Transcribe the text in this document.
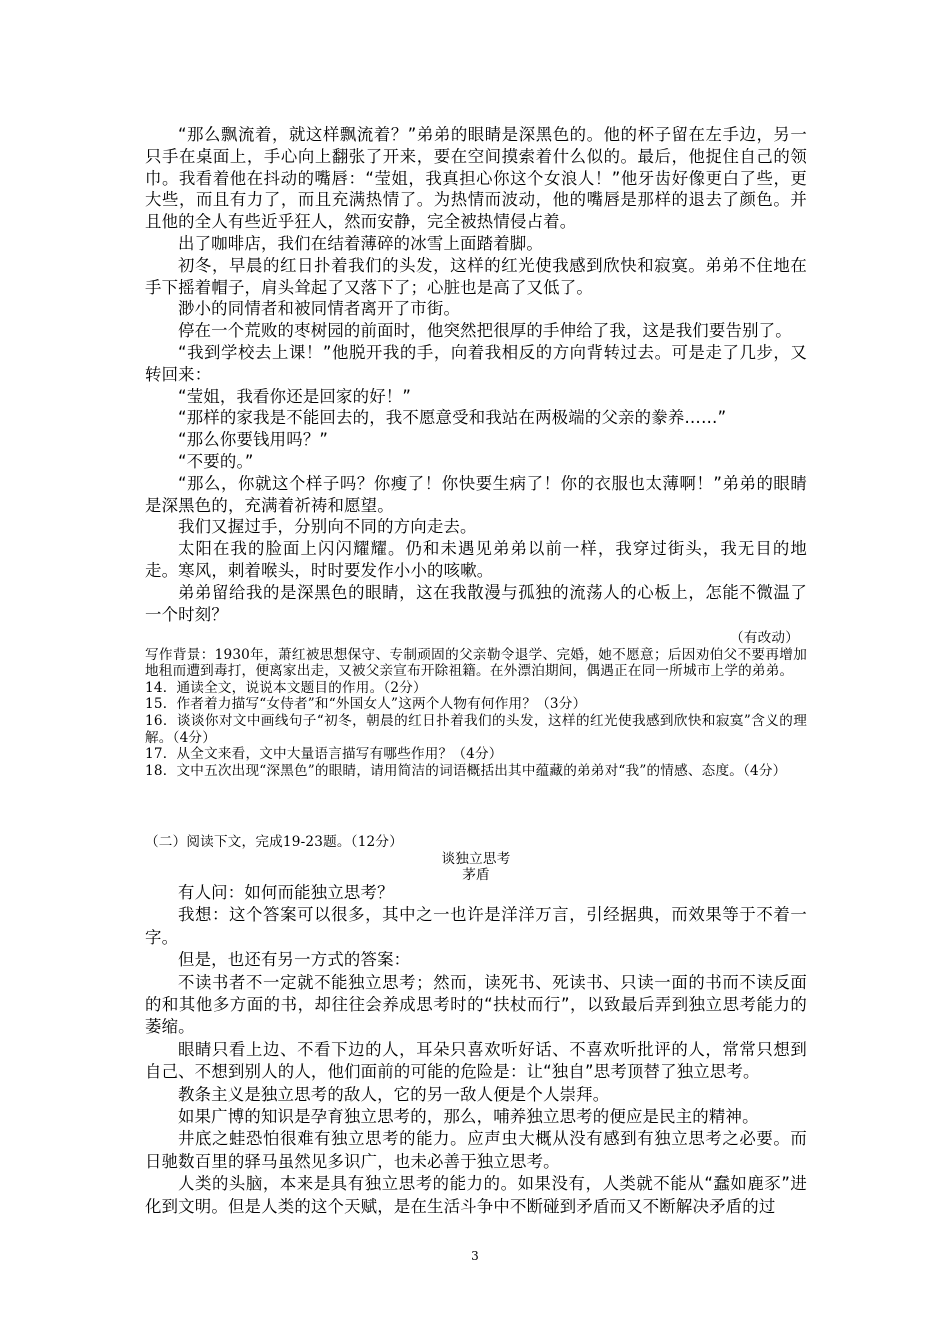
“那么飘流着，就这样飘流着？”弟弟的眼睛是深黑色的。他的杯子留在左手边，另一只手在桌面上，手心向上翻张了开来，要在空间摸索着什么似的。最后，他捉住自己的领巾。我看着他在抖动的嘴唇：“莹姐，我真担心你这个女浪人！”他牙齿好像更白了些，更大些，而且有力了，而且充满热情了。为热情而波动，他的嘴唇是那样的退去了颜色。并且他的全人有些近乎狂人，然而安静，完全被热情侵占着。

出了咖啡店，我们在结着薄碎的冰雪上面踏着脚。

初冬，早晨的红日扑着我们的头发，这样的红光使我感到欣快和寂寞。弟弟不住地在手下摇着帽子，肩头耸起了又落下了；心脏也是高了又低了。

渺小的同情者和被同情者离开了市街。

停在一个荒败的枣树园的前面时，他突然把很厚的手伸给了我，这是我们要告别了。

“我到学校去上课！”他脱开我的手，向着我相反的方向背转过去。可是走了几步，又转回来：

“莹姐，我看你还是回家的好！”

“那样的家我是不能回去的，我不愿意受和我站在两极端的父亲的豢养……”

“那么你要钱用吗？”

“不要的。”

“那么，你就这个样子吗？你瘦了！你快要生病了！你的衣服也太薄啊！”弟弟的眼睛是深黑色的，充满着祈祷和愿望。

我们又握过手，分别向不同的方向走去。

太阳在我的脸面上闪闪耀耀。仍和未遇见弟弟以前一样，我穿过街头，我无目的地走。寒风，刺着喉头，时时要发作小小的咳嗽。

弟弟留给我的是深黑色的眼睛，这在我散漫与孤独的流荡人的心板上，怎能不微温了一个时刻？

（有改动）

写作背景：1930年，萧红被思想保守、专制顽固的父亲勒令退学、完婚，她不愿意；后因劝伯父不要再增加地租而遭到毒打，便离家出走，又被父亲宣布开除祖籍。在外漂泊期间，偶遇正在同一所城市上学的弟弟。

14．通读全文，说说本文题目的作用。（2分）

15．作者着力描写“女侍者”和“外国女人”这两个人物有何作用？（3分）

16．谈谈你对文中画线句子“初冬，朝晨的红日扑着我们的头发，这样的红光使我感到欣快和寂寞”含义的理解。（4分）

17．从全文来看，文中大量语言描写有哪些作用？（4分）

18．文中五次出现“深黑色”的眼睛，请用简洁的词语概括出其中蕴藏的弟弟对“我”的情感、态度。（4分）

（二）阅读下文，完成19-23题。（12分）

谈独立思考

茅盾

有人问：如何而能独立思考？

我想：这个答案可以很多，其中之一也许是洋洋万言，引经据典，而效果等于不着一字。

但是，也还有另一方式的答案：

不读书者不一定就不能独立思考；然而，读死书、死读书、只读一面的书而不读反面的和其他多方面的书，却往往会养成思考时的“扶杖而行”，以致最后弄到独立思考能力的萎缩。

眼睛只看上边、不看下边的人，耳朵只喜欢听好话、不喜欢听批评的人，常常只想到自己、不想到别人的人，他们面前的可能的危险是：让“独自”思考顶替了独立思考。

教条主义是独立思考的敌人，它的另一敌人便是个人崇拜。

如果广博的知识是孕育独立思考的，那么，哺养独立思考的便应是民主的精神。

井底之蛙恐怕很难有独立思考的能力。应声虫大概从没有感到有独立思考之必要。而日驰数百里的驿马虽然见多识广，也未必善于独立思考。

人类的头脑，本来是具有独立思考的能力的。如果没有，人类就不能从“蠢如鹿豕”进化到文明。但是人类的这个天赋，是在生活斗争中不断碰到矛盾而又不断解决矛盾的过

3
